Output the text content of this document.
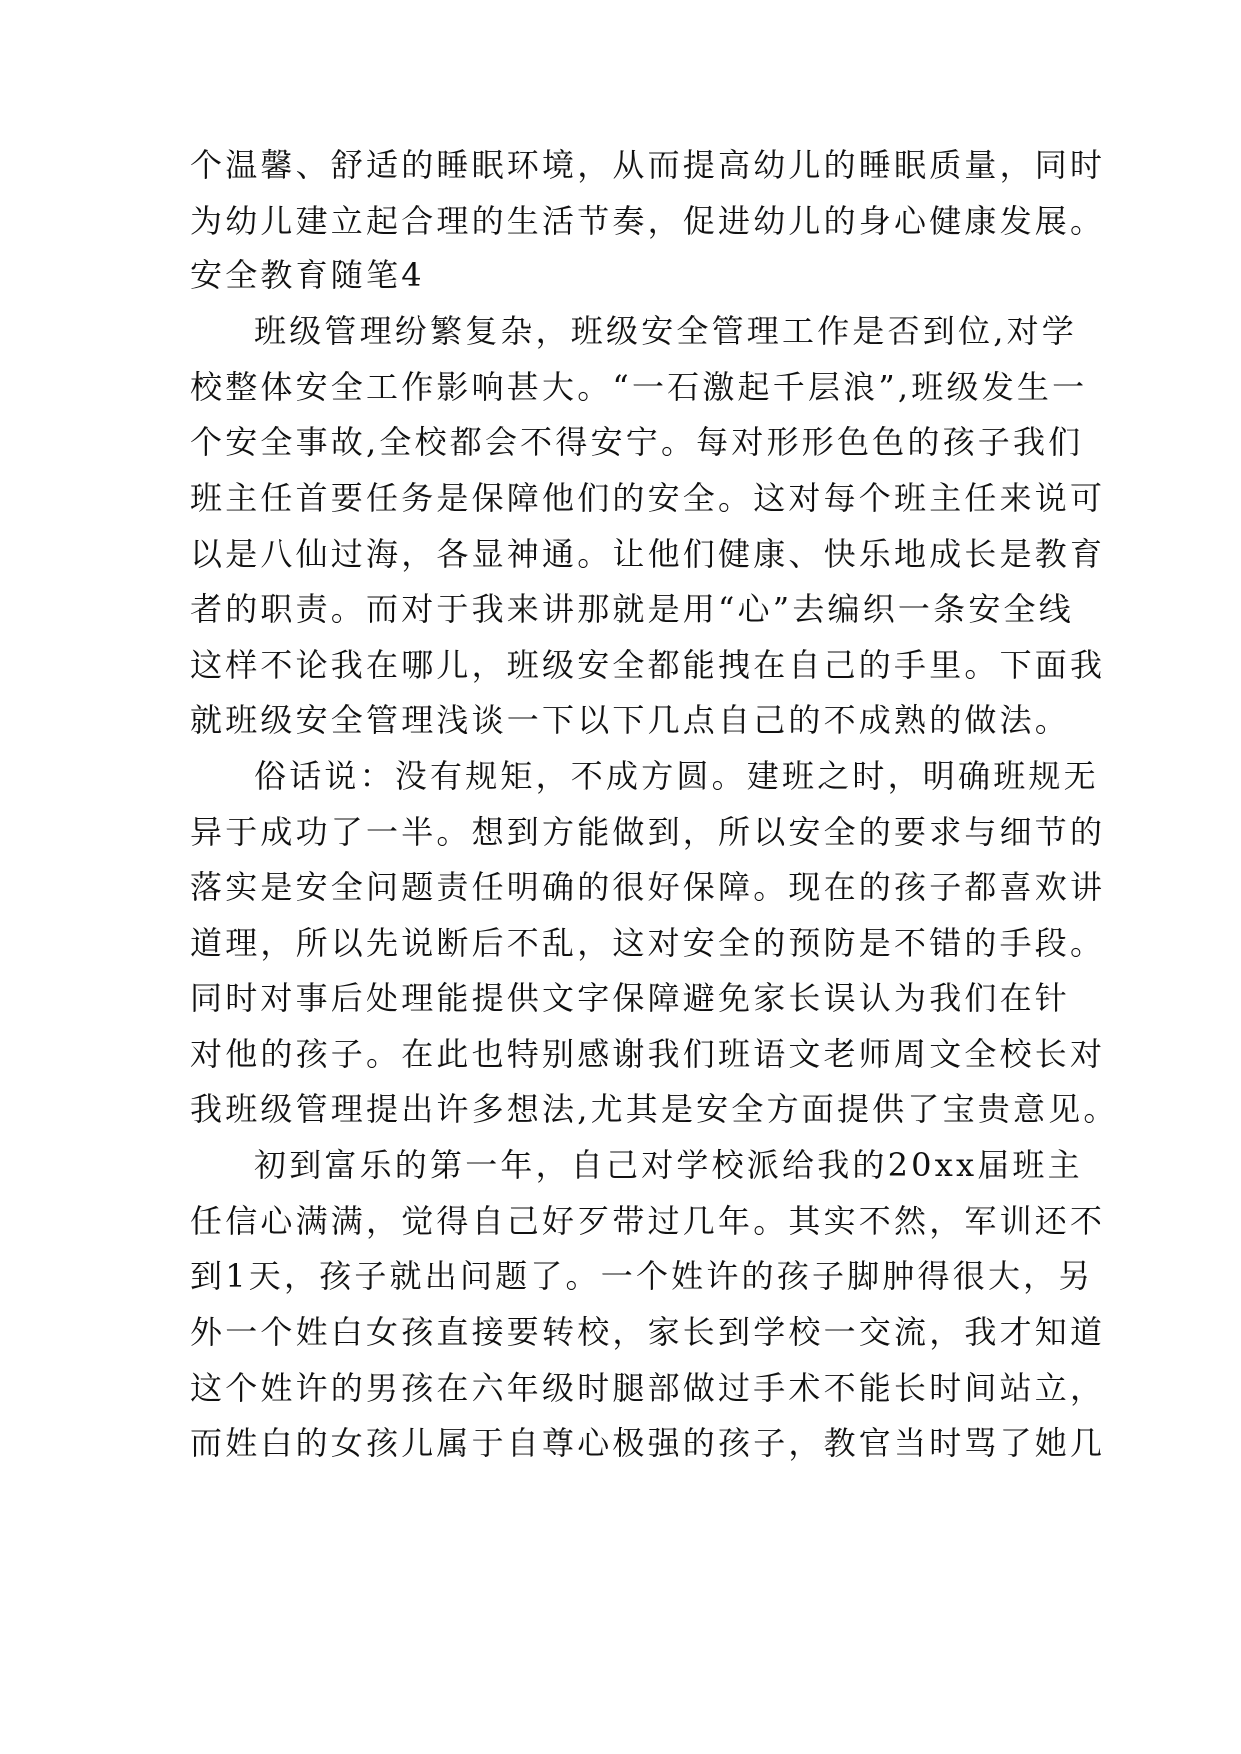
个温馨、舒适的睡眠环境，从而提高幼儿的睡眠质量，同时
为幼儿建立起合理的生活节奏，促进幼儿的身心健康发展。
安全教育随笔4
班级管理纷繁复杂，班级安全管理工作是否到位,对学
校整体安全工作影响甚大。“一石激起千层浪”,班级发生一
个安全事故,全校都会不得安宁。每对形形色色的孩子我们
班主任首要任务是保障他们的安全。这对每个班主任来说可
以是八仙过海，各显神通。让他们健康、快乐地成长是教育
者的职责。而对于我来讲那就是用“心”去编织一条安全线
这样不论我在哪儿，班级安全都能拽在自己的手里。下面我
就班级安全管理浅谈一下以下几点自己的不成熟的做法。
俗话说：没有规矩，不成方圆。建班之时，明确班规无
异于成功了一半。想到方能做到，所以安全的要求与细节的
落实是安全问题责任明确的很好保障。现在的孩子都喜欢讲
道理，所以先说断后不乱，这对安全的预防是不错的手段。
同时对事后处理能提供文字保障避免家长误认为我们在针
对他的孩子。在此也特别感谢我们班语文老师周文全校长对
我班级管理提出许多想法,尤其是安全方面提供了宝贵意见。
初到富乐的第一年，自己对学校派给我的20xx届班主
任信心满满，觉得自己好歹带过几年。其实不然，军训还不
到1天，孩子就出问题了。一个姓许的孩子脚肿得很大，另
外一个姓白女孩直接要转校，家长到学校一交流，我才知道
这个姓许的男孩在六年级时腿部做过手术不能长时间站立，
而姓白的女孩儿属于自尊心极强的孩子，教官当时骂了她几
